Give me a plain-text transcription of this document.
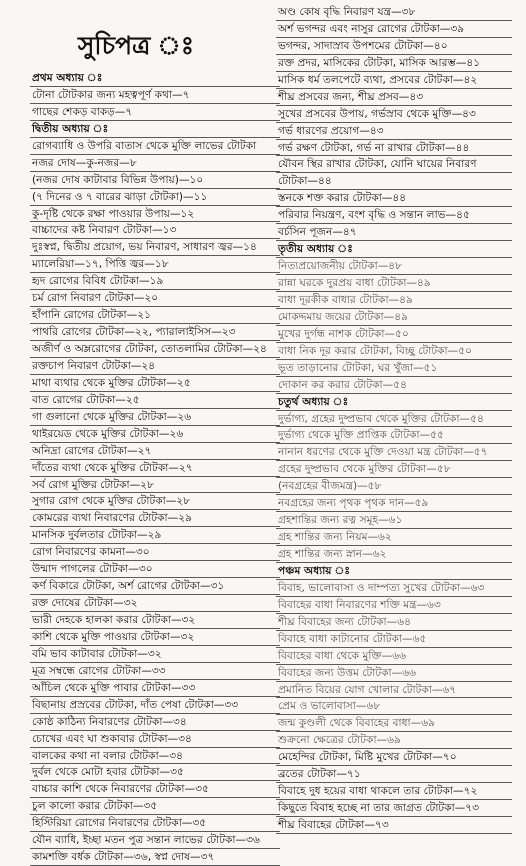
সুচিপত্র ঃ
প্রথম অধ্যায় ঃ
টোনা টোটকার জন্য মহত্বপূর্ণ কথা—৭
গাছের শেকড় বাকড়—৭
দ্বিতীয় অধ্যায় ঃ
রোগব্যাধি ও উপরি বাতাস থেকে মুক্তি লাভের টোটকা
নজর দোষ—কু-নজর—৮
(নজর দোষ কাটাবার বিভিন্ন উপায়)—১০
(৭ দিনের ও ৭ বারের ঝাড়া টোটকা)—১১
কু-দৃষ্টি থেকে রক্ষা পাওয়ার উপায়—১২
বাচ্চাদের কষ্ট নিবারণ টোটকা—১৩
দুঃস্বপ্ন, দ্বিতীয় প্রয়োগ, ভয় নিবারণ, সাধারণ জ্বর—১৪
ম্যালেরিয়া—১৭, পিত্তি জ্বর—১৮
হৃদ রোগের বিবিধ টোটকা—১৯
চর্ম রোগ নিবারণ টোটকা—২০
হাঁপানি রোগের টোটকা—২১
পাথরি রোগের টোটকা—২২, প্যারালাইসিস—২৩
অজীর্ণ ও অম্লরোগের টোটকা, তোতলামির টোটকা—২৪
রক্তচাপ নিবারণ টোটকা—২৪
মাথা ব্যথার থেকে মুক্তির টোটকা—২৫
বাত রোগের টোটকা—২৫
গা গুলানো থেকে মুক্তির টোটকা—২৬
থাইরয়েড থেকে মুক্তির টোটকা—২৬
অনিদ্রা রোগের টোটকা—২৭
দাঁতের ব্যথা থেকে মুক্তির টোটকা—২৭
সর্ব রোগ মুক্তির টোটকা—২৮
সুগার রোগ থেকে মুক্তির টোটকা—২৮
কোমরের ব্যথা নিবারণের টোটকা—২৯
মানসিক দুর্বলতার টোটকা—২৯
রোগ নিবারণের কামনা—৩০
উন্মাদ পাগলের টোটকা—৩০
কর্ণ বিকারে টোটকা, অর্শ রোগের টোটকা—৩১
রক্ত দোষের টোটকা—৩২
ভারী দেহকে হালকা করার টোটকা—৩২
কাশি থেকে মুক্তি পাওয়ার টোটকা—৩২
বমি ভাব কাটাবার টোটকা—৩২
মূত্র সম্বন্ধে রোগের টোটকা—৩৩
আঁচিল থেকে মুক্তি পাবার টোটকা—৩৩
বিছানায় প্রস্রবের টোটকা, দাঁত পেষা টোটকা—৩৩
কোষ্ঠ কাঠিন্য নিবারণের টোটকা—৩৪
চোখের এবং ঘা শুকাবার টোটকা—৩৪
বালকের কথা না বলার টোটকা—৩৪
দুর্বল থেকে মোটা হবার টোটকা—৩৫
বাচ্চার কাশি থেকে নিবারণের টোটকা—৩৫
চুল কালো করার টোটকা—৩৫
হিস্টিরিয়া রোগের নিবারণের টোটকা—৩৫
যৌন ব্যাধি, ইচ্ছা মতন পুত্র সন্তান লাভের টোটকা—৩৬
কামশক্তি বর্ধক টোটকা—৩৬, স্বপ্ন দোষ—৩৭
অণ্ড কোষ বৃদ্ধি নিবারণ যন্ত্র—৩৮
অর্শ ভগন্দর এবং নাসুর রোগের টোটকা—৩৯
ভগন্দর, সাদাস্রাব উপশমের টোটকা—৪০
রক্ত প্রদর, মাসিকের টোটকা, মাসিক আরম্ভ—৪১
মাসিক ধর্ম তলপেটে ব্যথা, প্রসবের টোটকা—৪২
শীঘ্র প্রসবের জন্য, শীঘ্র প্রসব—৪৩
সুখের প্রসবের উপায়, গর্ভস্রাব থেকে মুক্তি—৪৩
গর্ভ ধারণের প্রয়োগ—৪৩
গর্ভ রক্ষণ টোটকা, গর্ভ না রাখার টোটকা—৪৪
যৌবন স্থির রাখার টোটকা, যোনি ঘায়ের নিবারণ
টোটকা—৪৪
স্তনকে শক্ত করার টোটকা—৪৪
পরিবার নিয়ন্ত্রণ, বংশ বৃদ্ধি ও সন্তান লাভ—৪৫
বৰ্চসিন পূজন—৪৭
তৃতীয় অধ্যায় ঃ
নিত্যপ্রয়োজনীয় টোটকা—৪৮
রান্না ঘরকে দুরপ্রয় বাধা টোটকা—৪৯
বাধা দূরকীক বাধার টোটকা—৪৯
মোকদ্দমায় জয়ের টোটকা—৪৯
মুখের দুর্গন্ধ নাশক টোটকা—৫০
বাধা নিক দূর করার টোটকা, বিচ্ছু টোটকা—৫০
ভূত তাড়ানোর টোটকা, ঘর খুঁজা—৫১
দোকান কর করার টোটকা—৫৪
চতুর্থ অধ্যায় ঃ
দুর্ভাগ্য, গ্রহের দুষ্প্রভাব থেকে মুক্তির টোটকা—৫৪
দুর্ভাগ্য থেকে মুক্তি প্রাপ্তিক টোটকা—৫৫
নানান ধরণের থেকে মুক্তি দেওয়া মন্ত্র টোটকা—৫৭
গ্রহের দুষ্প্রভাব থেকে মুক্তির টোটকা—৫৮
(নবগ্রহের বীজমন্ত্র)—৫৮
নবগ্রহের জন্য পৃথক পৃথক দান—৫৯
গ্রহশান্তির জন্য রত্ন সমূহ—৬১
গ্রহ শান্তির জন্য নিয়ম—৬২
গ্রহ শান্তির জন্য স্নান—৬২
পঞ্চম অধ্যায় ঃ
বিবাহ, ভালোবাসা ও দাম্পত্য সুখের টোটকা—৬৩
বিবাহের বাধা নিবারণের শক্তি মন্ত্র—৬৩
শীঘ্র বিবাহের জন্য টোটকা—৬৪
বিবাহে বাধা কাটানোর টোটকা—৬৫
বিবাহের বাধা থেকে মুক্তি—৬৬
বিবাহের জন্য উত্তম টোটকা—৬৬
প্রমানিত বিয়ের যোগ খোলার টোটকা—৬৭
প্রেম ও ভালোবাসা—৬৮
জন্ম কুণ্ডলী থেকে বিবাহের বাধা—৬৯
শুক্রনো ক্ষেত্রের টোটকা—৬৯
মেহেন্দির টোটকা, মিষ্টি মুখের টোটকা—৭০
ব্রতের টোটকা—৭১
বিবাহে দুধ হয়ের বাধা থাকলে তার টোটকা—৭২
কিছুতে বিবাহ হচ্ছে না তার জাগ্রত টোটকা—৭৩
শীঘ্র বিবাহের টোটকা—৭৩
